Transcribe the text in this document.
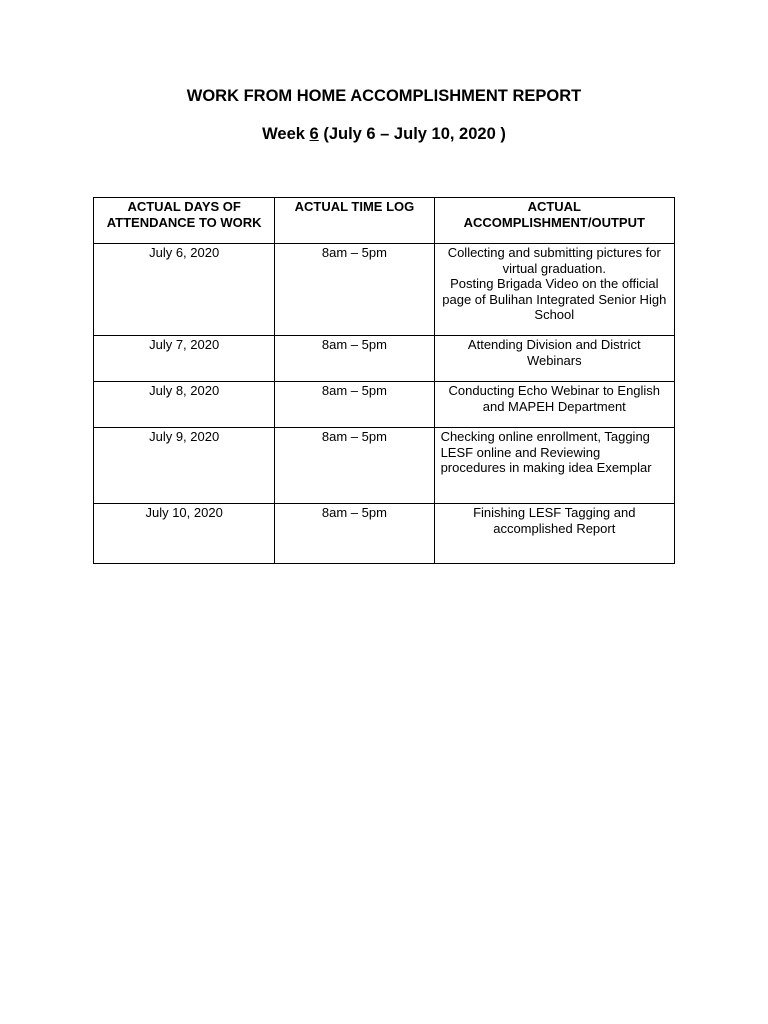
WORK FROM HOME ACCOMPLISHMENT REPORT
Week 6 (July 6 – July 10, 2020 )
ACTUAL DAYS OF ATTENDANCE TO WORK	ACTUAL TIME LOG	ACTUAL ACCOMPLISHMENT/OUTPUT
July 6, 2020	8am – 5pm	Collecting and submitting pictures for virtual graduation.
Posting Brigada Video on the official page of Bulihan Integrated Senior High School

July 7, 2020	8am – 5pm	Attending Division and District Webinars

July 8, 2020	8am – 5pm	Conducting Echo Webinar to English and MAPEH Department

July 9, 2020	8am – 5pm	Checking online enrollment, Tagging LESF online and Reviewing procedures in making idea Exemplar

July 10, 2020	8am – 5pm	Finishing LESF Tagging and accomplished Report
